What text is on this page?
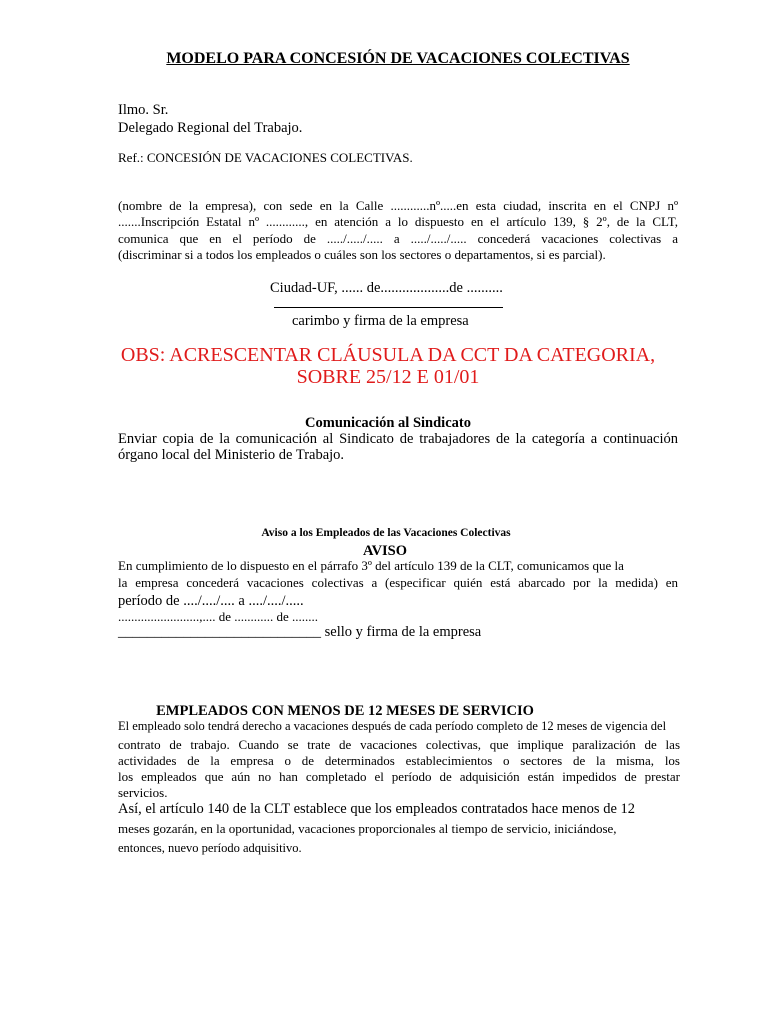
MODELO PARA CONCESIÓN DE VACACIONES COLECTIVAS
Ilmo. Sr.
Delegado Regional del Trabajo.
Ref.: CONCESIÓN DE VACACIONES COLECTIVAS.
(nombre de la empresa), con sede en la Calle ............nº.....en esta ciudad, inscrita en el CNPJ nº
.......Inscripción Estatal nº ............, en atención a lo dispuesto en el artículo 139, § 2º, de la CLT,
comunica que en el período de ...../...../..... a ...../...../..... concederá vacaciones colectivas a
(discriminar si a todos los empleados o cuáles son los sectores o departamentos, si es parcial).
Ciudad-UF, ...... de...................de ..........
carimbo y firma de la empresa
OBS: ACRESCENTAR CLÁUSULA DA CCT DA CATEGORIA,
SOBRE 25/12 E 01/01
Comunicación al Sindicato
Enviar copia de la comunicación al Sindicato de trabajadores de la categoría a continuación
órgano local del Ministerio de Trabajo.
Aviso a los Empleados de las Vacaciones Colectivas
AVISO
En cumplimiento de lo dispuesto en el párrafo 3º del artículo 139 de la CLT, comunicamos que la
la empresa concederá vacaciones colectivas a (especificar quién está abarcado por la medida) en
período de ..../..../.... a ..../..../.....
.........................,.... de ............ de ........
____________________________ sello y firma de la empresa
EMPLEADOS CON MENOS DE 12 MESES DE SERVICIO
El empleado solo tendrá derecho a vacaciones después de cada período completo de 12 meses de vigencia del
contrato de trabajo. Cuando se trate de vacaciones colectivas, que implique paralización de las
actividades de la empresa o de determinados establecimientos o sectores de la misma, los
los empleados que aún no han completado el período de adquisición están impedidos de prestar
servicios.
Así, el artículo 140 de la CLT establece que los empleados contratados hace menos de 12
meses gozarán, en la oportunidad, vacaciones proporcionales al tiempo de servicio, iniciándose,
entonces, nuevo período adquisitivo.
